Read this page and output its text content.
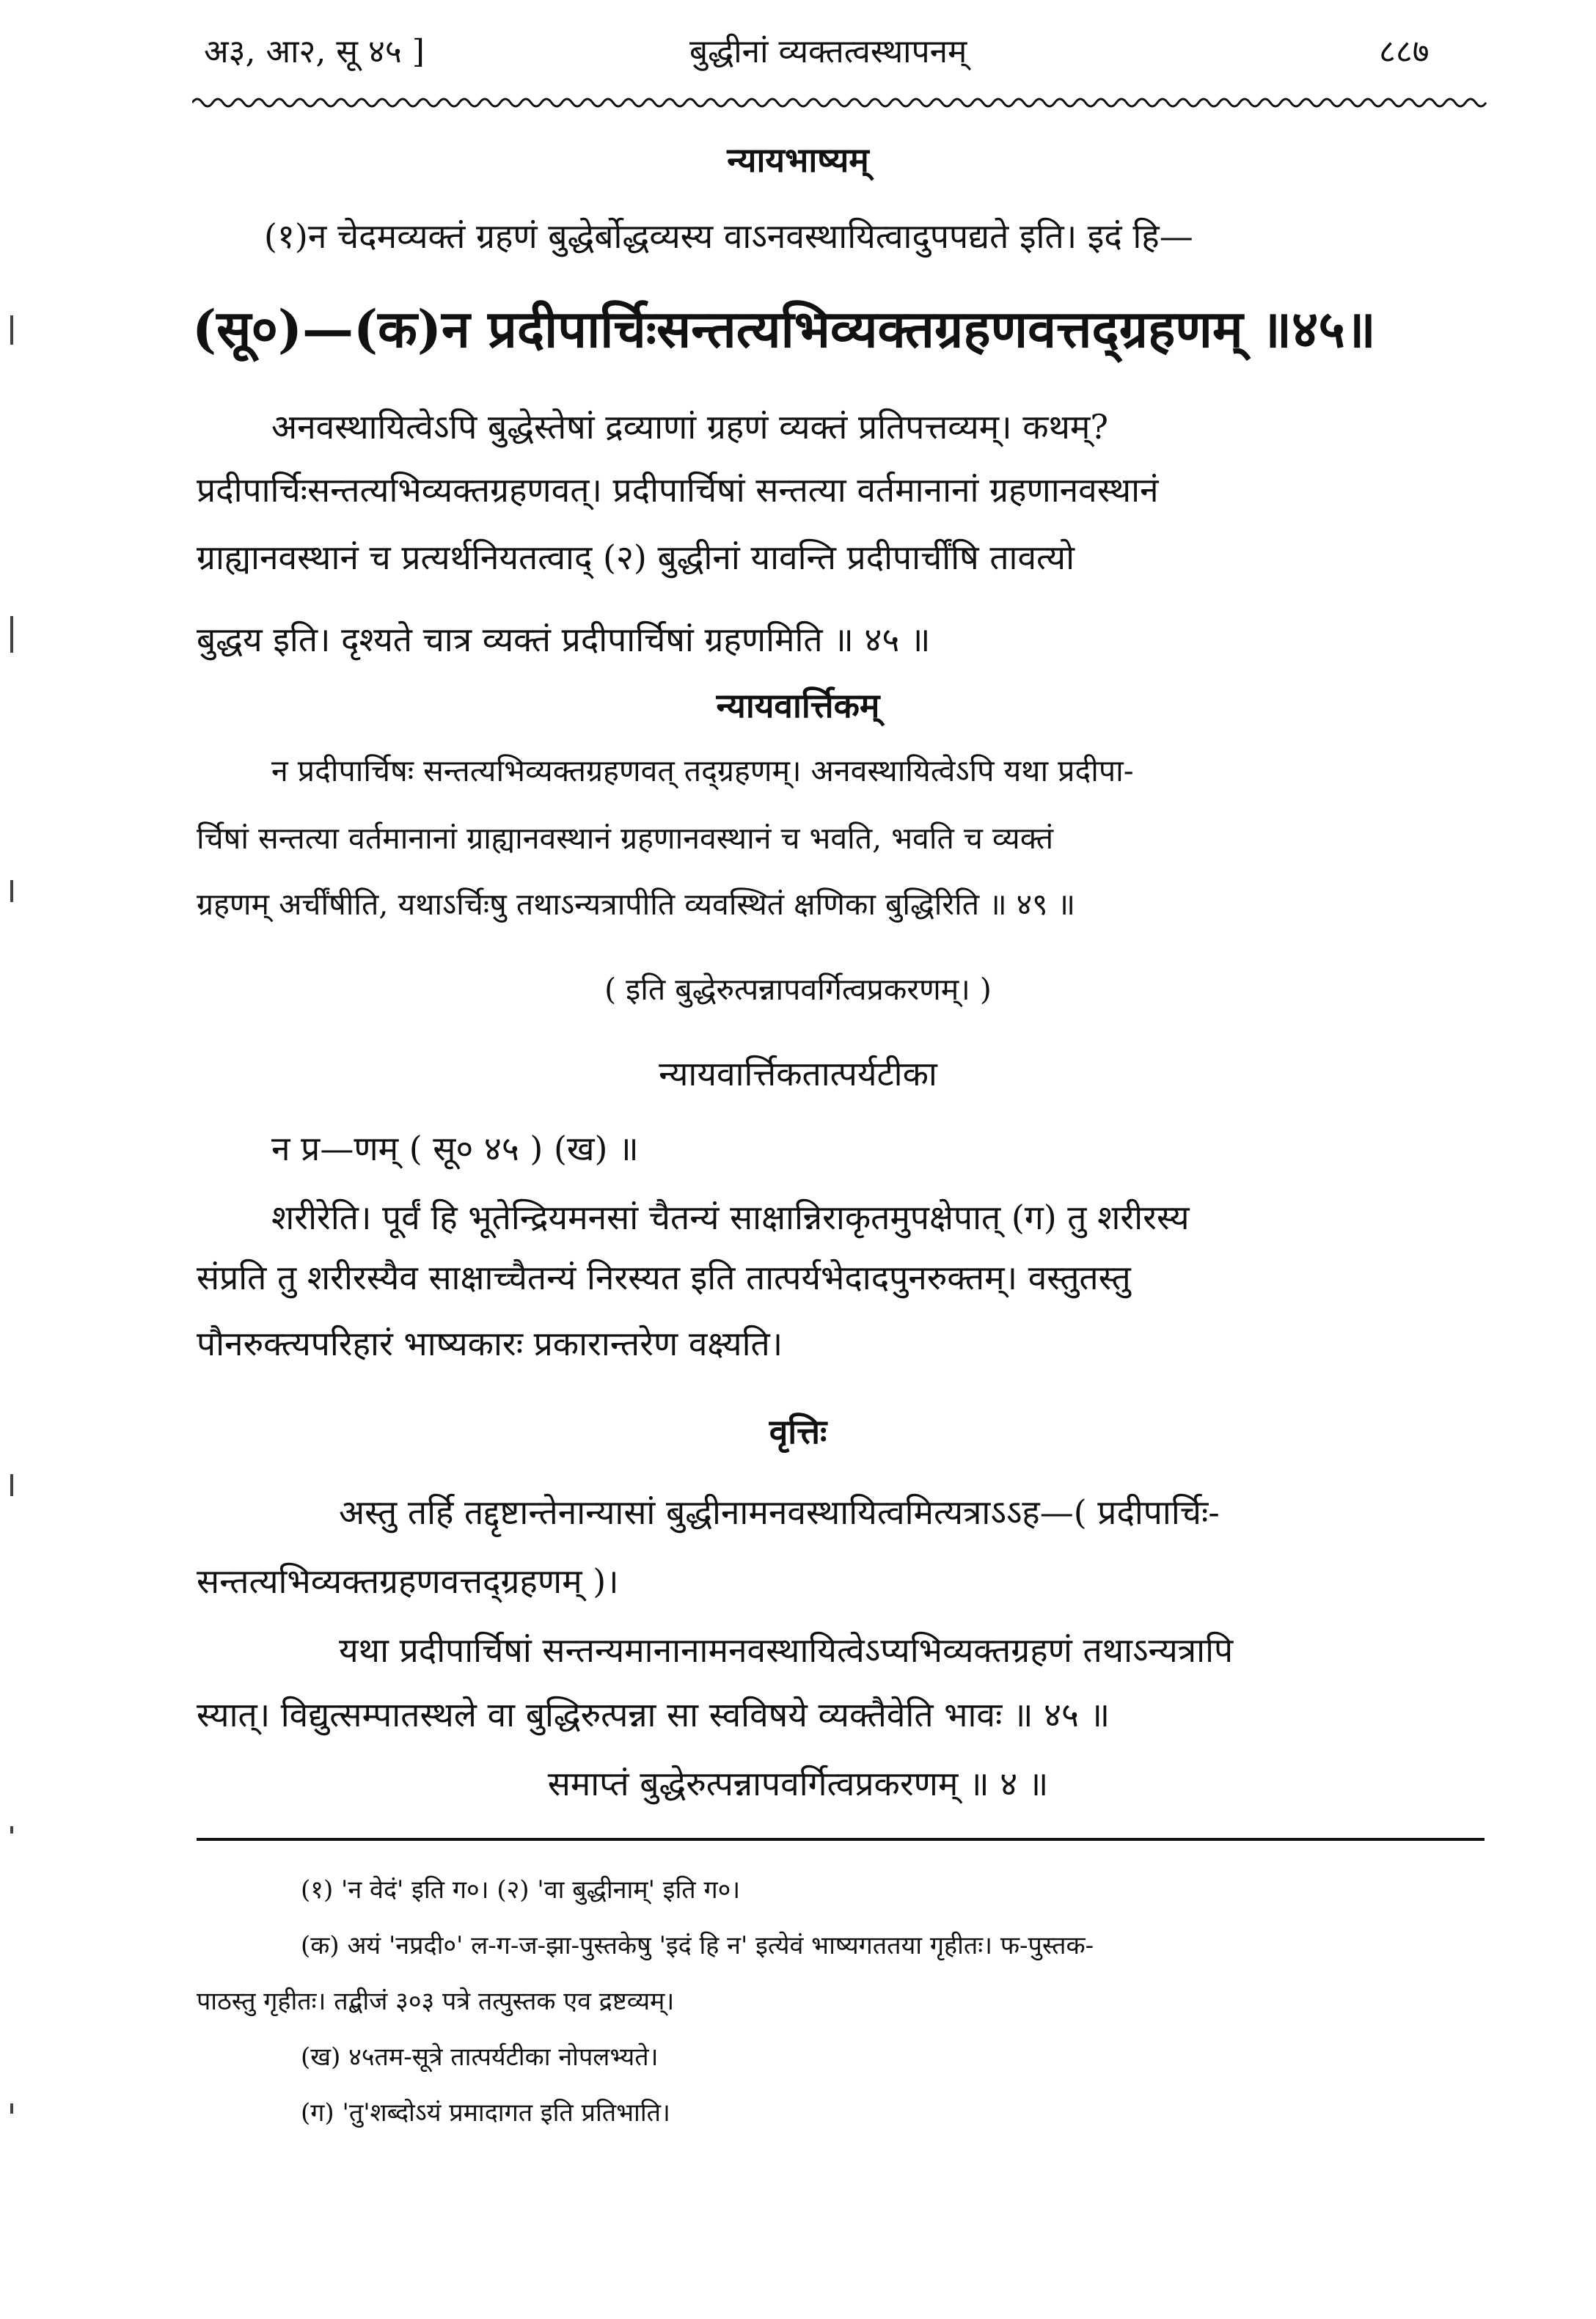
अ३, आ२, सू ४५ ]	बुद्धीनां व्यक्तत्वस्थापनम्	८८७
न्यायभाष्यम्
(१)न चेदमव्यक्तं ग्रहणं बुद्धेर्बोद्धव्यस्य वाऽनवस्थायित्वादुपपद्यते इति। इदं हि—
(सू०)—(क)न प्रदीपार्चिःसन्तत्यभिव्यक्तग्रहणवत्तद्ग्रहणम् ॥४५॥
अनवस्थायित्वेऽपि बुद्धेस्तेषां द्रव्याणां ग्रहणं व्यक्तं प्रतिपत्तव्यम्। कथम्?
प्रदीपार्चिःसन्तत्यभिव्यक्तग्रहणवत्। प्रदीपार्चिषां सन्तत्या वर्तमानानां ग्रहणानवस्थानं
ग्राह्यानवस्थानं च प्रत्यर्थनियतत्वाद् (२) बुद्धीनां यावन्ति प्रदीपार्चींषि तावत्यो
बुद्धय इति। दृश्यते चात्र व्यक्तं प्रदीपार्चिषां ग्रहणमिति ॥ ४५ ॥
न्यायवार्त्तिकम्
न प्रदीपार्चिषः सन्तत्यभिव्यक्तग्रहणवत् तद्ग्रहणम्। अनवस्थायित्वेऽपि यथा प्रदीपा-
र्चिषां सन्तत्या वर्तमानानां ग्राह्यानवस्थानं ग्रहणानवस्थानं च भवति, भवति च व्यक्तं
ग्रहणम् अर्चींषीति, यथाऽर्चिःषु तथाऽन्यत्रापीति व्यवस्थितं क्षणिका बुद्धिरिति ॥ ४९ ॥
( इति बुद्धेरुत्पन्नापवर्गित्वप्रकरणम्। )
न्यायवार्त्तिकतात्पर्यटीका
न प्र—णम् ( सू० ४५ ) (ख) ॥
शरीरेति। पूर्वं हि भूतेन्द्रियमनसां चैतन्यं साक्षान्निराकृतमुपक्षेपात् (ग) तु शरीरस्य
संप्रति तु शरीरस्यैव साक्षाच्चैतन्यं निरस्यत इति तात्पर्यभेदादपुनरुक्तम्। वस्तुतस्तु
पौनरुक्त्यपरिहारं भाष्यकारः प्रकारान्तरेण वक्ष्यति।
वृत्तिः
अस्तु तर्हि तद्दृष्टान्तेनान्यासां बुद्धीनामनवस्थायित्वमित्यत्राऽऽह—( प्रदीपार्चिः-
सन्तत्यभिव्यक्तग्रहणवत्तद्ग्रहणम् )।
यथा प्रदीपार्चिषां सन्तन्यमानानामनवस्थायित्वेऽप्यभिव्यक्तग्रहणं तथाऽन्यत्रापि
स्यात्। विद्युत्सम्पातस्थले वा बुद्धिरुत्पन्ना सा स्वविषये व्यक्तैवेति भावः ॥ ४५ ॥
समाप्तं बुद्धेरुत्पन्नापवर्गित्वप्रकरणम् ॥ ४ ॥
(१) 'न वेदं' इति ग०। (२) 'वा बुद्धीनाम्' इति ग०।
(क) अयं 'नप्रदी०' ल-ग-ज-झा-पुस्तकेषु 'इदं हि न' इत्येवं भाष्यगततया गृहीतः। फ-पुस्तक-
पाठस्तु गृहीतः। तद्बीजं ३०३ पत्रे तत्पुस्तक एव द्रष्टव्यम्।
(ख) ४५तम-सूत्रे तात्पर्यटीका नोपलभ्यते।
(ग) 'तु'शब्दोऽयं प्रमादागत इति प्रतिभाति।
